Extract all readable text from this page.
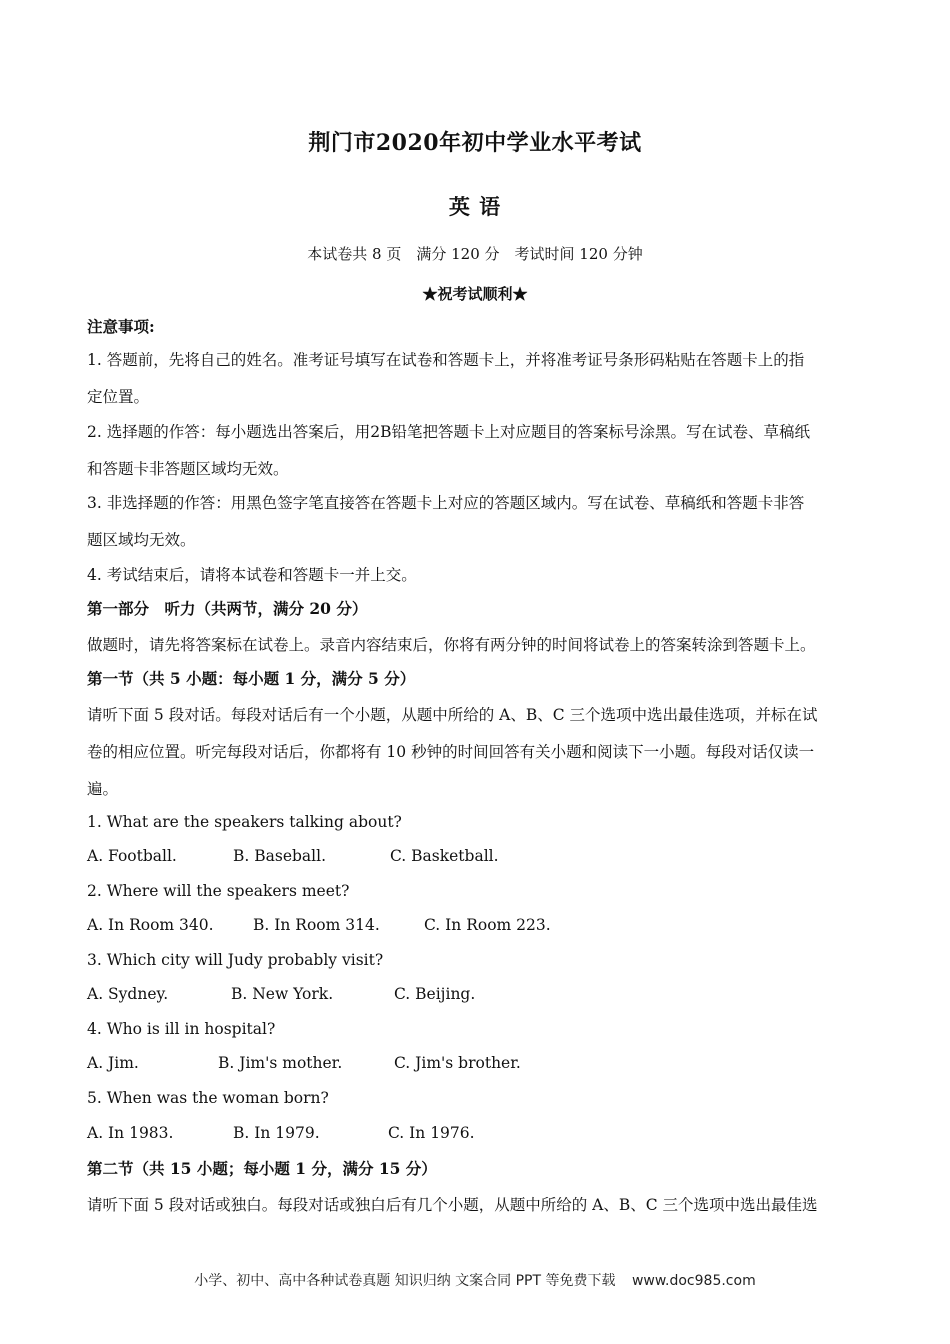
荆门市2020年初中学业水平考试
英 语
本试卷共 8 页　满分 120 分　考试时间 120 分钟
★祝考试顺利★
注意事项:
1. 答题前，先将自己的姓名。准考证号填写在试卷和答题卡上，并将准考证号条形码粘贴在答题卡上的指
定位置。
2. 选择题的作答：每小题选出答案后，用2B铅笔把答题卡上对应题目的答案标号涂黑。写在试卷、草稿纸
和答题卡非答题区域均无效。
3. 非选择题的作答：用黑色签字笔直接答在答题卡上对应的答题区域内。写在试卷、草稿纸和答题卡非答
题区域均无效。
4. 考试结束后，请将本试卷和答题卡一并上交。
第一部分　听力（共两节，满分 20 分）
做题时，请先将答案标在试卷上。录音内容结束后，你将有两分钟的时间将试卷上的答案转涂到答题卡上。
第一节（共 5 小题：每小题 1 分，满分 5 分）
请听下面 5 段对话。每段对话后有一个小题，从题中所给的 A、B、C 三个选项中选出最佳选项，并标在试
卷的相应位置。听完每段对话后，你都将有 10 秒钟的时间回答有关小题和阅读下一小题。每段对话仅读一
遍。
1. What are the speakers talking about?
A. Football.	B. Baseball.	C. Basketball.
2. Where will the speakers meet?
A. In Room 340.	B. In Room 314.	C. In Room 223.
3. Which city will Judy probably visit?
A. Sydney.	B. New York.	C. Beijing.
4. Who is ill in hospital?
A. Jim.	B. Jim's mother.	C. Jim's brother.
5. When was the woman born?
A. In 1983.	B. In 1979.	C. In 1976.
第二节（共 15 小题；每小题 1 分，满分 15 分）
请听下面 5 段对话或独白。每段对话或独白后有几个小题，从题中所给的 A、B、C 三个选项中选出最佳选
小学、初中、高中各种试卷真题 知识归纳 文案合同 PPT 等免费下载 www.doc985.com
